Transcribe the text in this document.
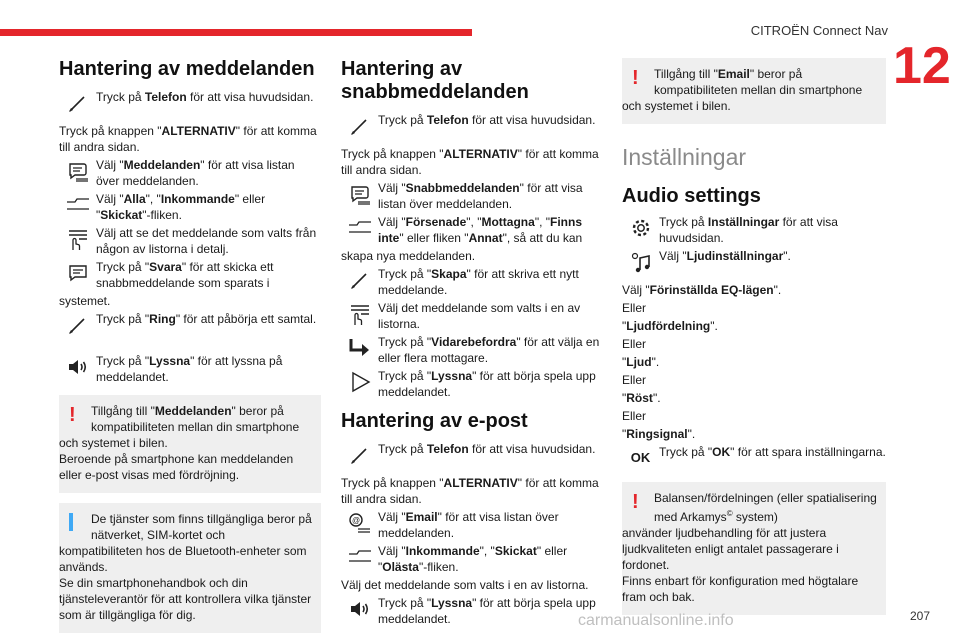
CITROËN Connect Nav
12
Hantering av meddelanden
Tryck på Telefon för att visa huvudsidan.

Tryck på knappen "ALTERNATIV" för att komma till andra sidan.

Välj "Meddelanden" för att visa listan över meddelanden.
Välj "Alla", "Inkommande" eller "Skickat"-fliken.
Välj att se det meddelande som valts från någon av listorna i detalj.
Tryck på "Svara" för att skicka ett snabbmeddelande som sparats i

systemet.

Tryck på "Ring" för att påbörja ett samtal.
Tryck på "Lyssna" för att lyssna på meddelandet.
!	Tillgång till "Meddelanden" beror på kompatibiliteten mellan din smartphone
och systemet i bilen.
Beroende på smartphone kan meddelanden eller e-post visas med fördröjning.
De tjänster som finns tillgängliga beror på nätverket, SIM-kortet och
kompatibiliteten hos de Bluetooth-enheter som används.
Se din smartphonehandbok och din tjänsteleverantör för att kontrollera vilka tjänster som är tillgängliga för dig.
Hantering av snabbmeddelanden
Tryck på Telefon för att visa huvudsidan.

Tryck på knappen "ALTERNATIV" för att komma till andra sidan.

Välj "Snabbmeddelanden" för att visa listan över meddelanden.
Välj "Försenade", "Mottagna", "Finns inte" eller fliken "Annat", så att du kan

skapa nya meddelanden.

Tryck på "Skapa" för att skriva ett nytt meddelande.
Välj det meddelande som valts i en av listorna.
Tryck på "Vidarebefordra" för att välja en eller flera mottagare.
Tryck på "Lyssna" för att börja spela upp meddelandet.
Hantering av e-post
Tryck på Telefon för att visa huvudsidan.

Tryck på knappen "ALTERNATIV" för att komma till andra sidan.

@ Välj "Email" för att visa listan över meddelanden.
Välj "Inkommande", "Skickat" eller "Olästa"-fliken.

Välj det meddelande som valts i en av listorna.

Tryck på "Lyssna" för att börja spela upp meddelandet.
!	Tillgång till "Email" beror på kompatibiliteten mellan din smartphone
och systemet i bilen.
Inställningar
Audio settings
Tryck på Inställningar för att visa huvudsidan.
Välj "Ljudinställningar".

Välj "Förinställda EQ-lägen".

Eller

"Ljudfördelning".

Eller

"Ljud".

Eller

"Röst".

Eller

"Ringsignal".

OK Tryck på "OK" för att spara inställningarna.
!	Balansen/fördelningen (eller spatialisering med Arkamys© system)
använder ljudbehandling för att justera ljudkvaliteten enligt antalet passagerare i fordonet.
Finns enbart för konfiguration med högtalare fram och bak.
carmanualsonline.info	207
